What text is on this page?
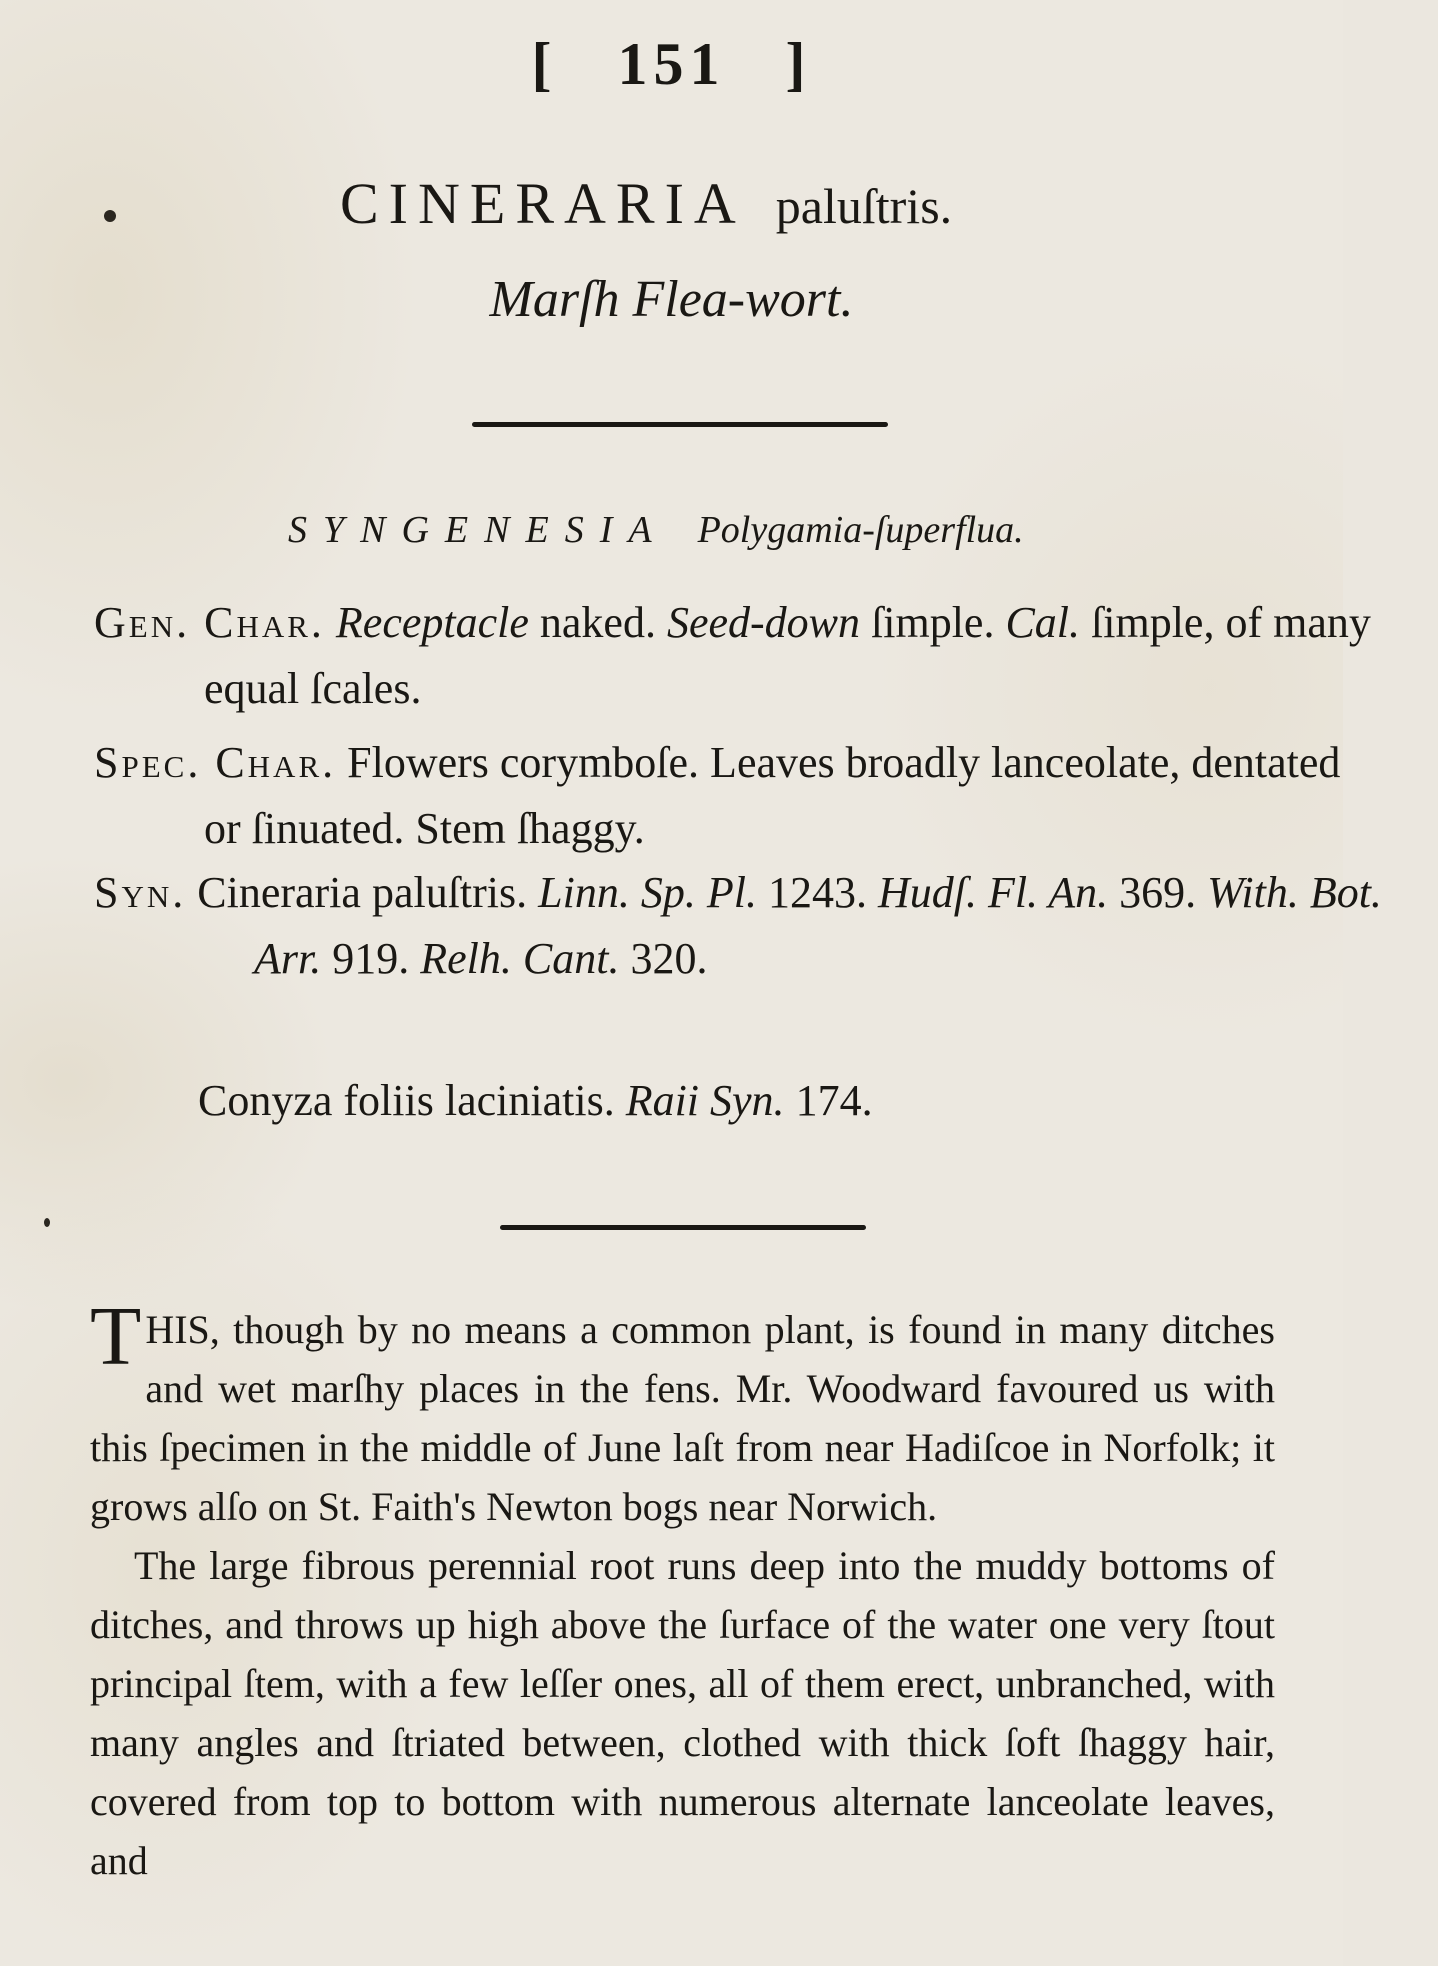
[ 151 ]
CINERARIA paluſtris.
Marſh Flea-wort.
SYNGENESIA Polygamia-ſuperflua.
Gen. Char. Receptacle naked. Seed-down ſimple. Cal. ſimple, of many equal ſcales.
Spec. Char. Flowers corymboſe. Leaves broadly lanceolate, dentated or ſinuated. Stem ſhaggy.
Syn. Cineraria paluſtris. Linn. Sp. Pl. 1243. Hudſ. Fl. An. 369. With. Bot. Arr. 919. Relh. Cant. 320.
Conyza foliis laciniatis. Raii Syn. 174.

THIS, though by no means a common plant, is found in many ditches and wet marſhy places in the fens. Mr. Woodward favoured us with this ſpecimen in the middle of June laſt from near Hadiſcoe in Norfolk; it grows alſo on St. Faith's Newton bogs near Norwich.

The large fibrous perennial root runs deep into the muddy bottoms of ditches, and throws up high above the ſurface of the water one very ſtout principal ſtem, with a few leſſer ones, all of them erect, unbranched, with many angles and ſtriated between, clothed with thick ſoft ſhaggy hair, covered from top to bottom with numerous alternate lanceolate leaves, and
